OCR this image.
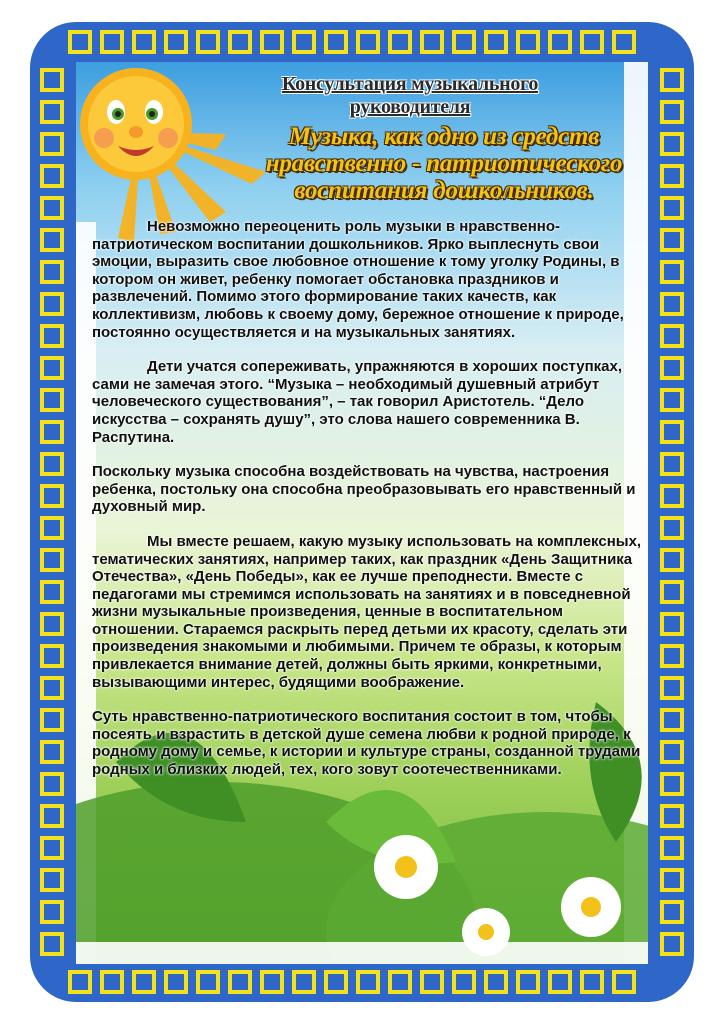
Консультация музыкального руководителя
Музыка, как одно из средств
нравственно - патриотического
воспитания дошкольников.

Невозможно переоценить роль музыки в нравственно-патриотическом воспитании дошкольников. Ярко выплеснуть свои эмоции, выразить свое любовное отношение к тому уголку Родины, в котором он живет, ребенку помогает обстановка праздников и развлечений. Помимо этого формирование таких качеств, как коллективизм, любовь к своему дому, бережное отношение к природе, постоянно осуществляется и на музыкальных занятиях.

Дети учатся сопереживать, упражняются в хороших поступках, сами не замечая этого. “Музыка – необходимый душевный атрибут человеческого существования”, – так говорил Аристотель. “Дело искусства – сохранять душу”, это слова нашего современника В. Распутина.

Поскольку музыка способна воздействовать на чувства, настроения ребенка, постольку она способна преобразовывать его нравственный и духовный мир.

Мы вместе решаем, какую музыку использовать на комплексных, тематических занятиях, например таких, как праздник «День Защитника Отечества», «День Победы», как ее лучше преподнести. Вместе с педагогами мы стремимся использовать на занятиях и в повседневной жизни музыкальные произведения, ценные в воспитательном отношении. Стараемся раскрыть перед детьми их красоту, сделать эти произведения знакомыми и любимыми. Причем те образы, к которым привлекается внимание детей, должны быть яркими, конкретными, вызывающими интерес, будящими воображение.

Суть нравственно-патриотического воспитания состоит в том, чтобы посеять и взрастить в детской душе семена любви к родной природе, к родному дому и семье, к истории и культуре страны, созданной трудами родных и близких людей, тех, кого зовут соотечественниками.
